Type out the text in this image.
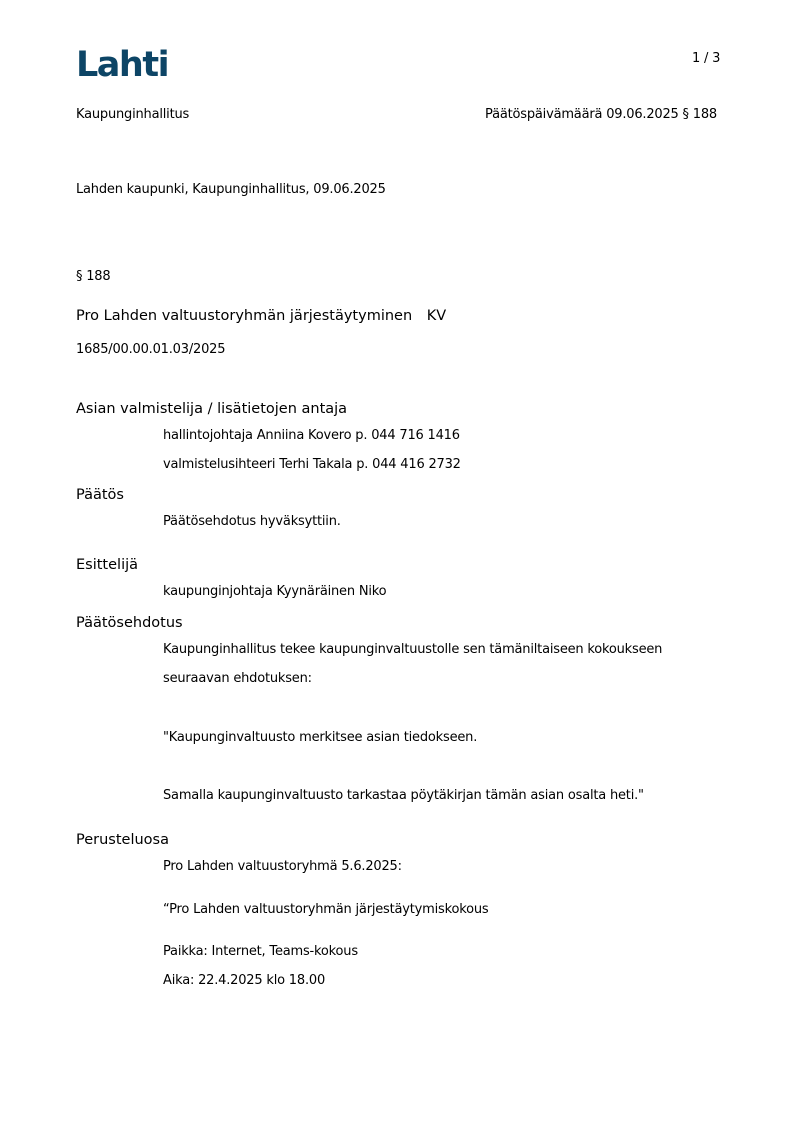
Lahti	1 / 3
Kaupunginhallitus	Päätöspäivämäärä 09.06.2025 § 188
Lahden kaupunki, Kaupunginhallitus, 09.06.2025
§ 188
Pro Lahden valtuustoryhmän järjestäytyminen KV
1685/00.00.01.03/2025
Asian valmistelija / lisätietojen antaja
hallintojohtaja Anniina Kovero p. 044 716 1416
valmistelusihteeri Terhi Takala p. 044 416 2732
Päätös
Päätösehdotus hyväksyttiin.
Esittelijä
kaupunginjohtaja Kyynäräinen Niko
Päätösehdotus
Kaupunginhallitus tekee kaupunginvaltuustolle sen tämäniltaiseen kokoukseen
seuraavan ehdotuksen:
"Kaupunginvaltuusto merkitsee asian tiedokseen.
Samalla kaupunginvaltuusto tarkastaa pöytäkirjan tämän asian osalta heti."
Perusteluosa
Pro Lahden valtuustoryhmä 5.6.2025:
“Pro Lahden valtuustoryhmän järjestäytymiskokous
Paikka: Internet, Teams-kokous
Aika: 22.4.2025 klo 18.00
